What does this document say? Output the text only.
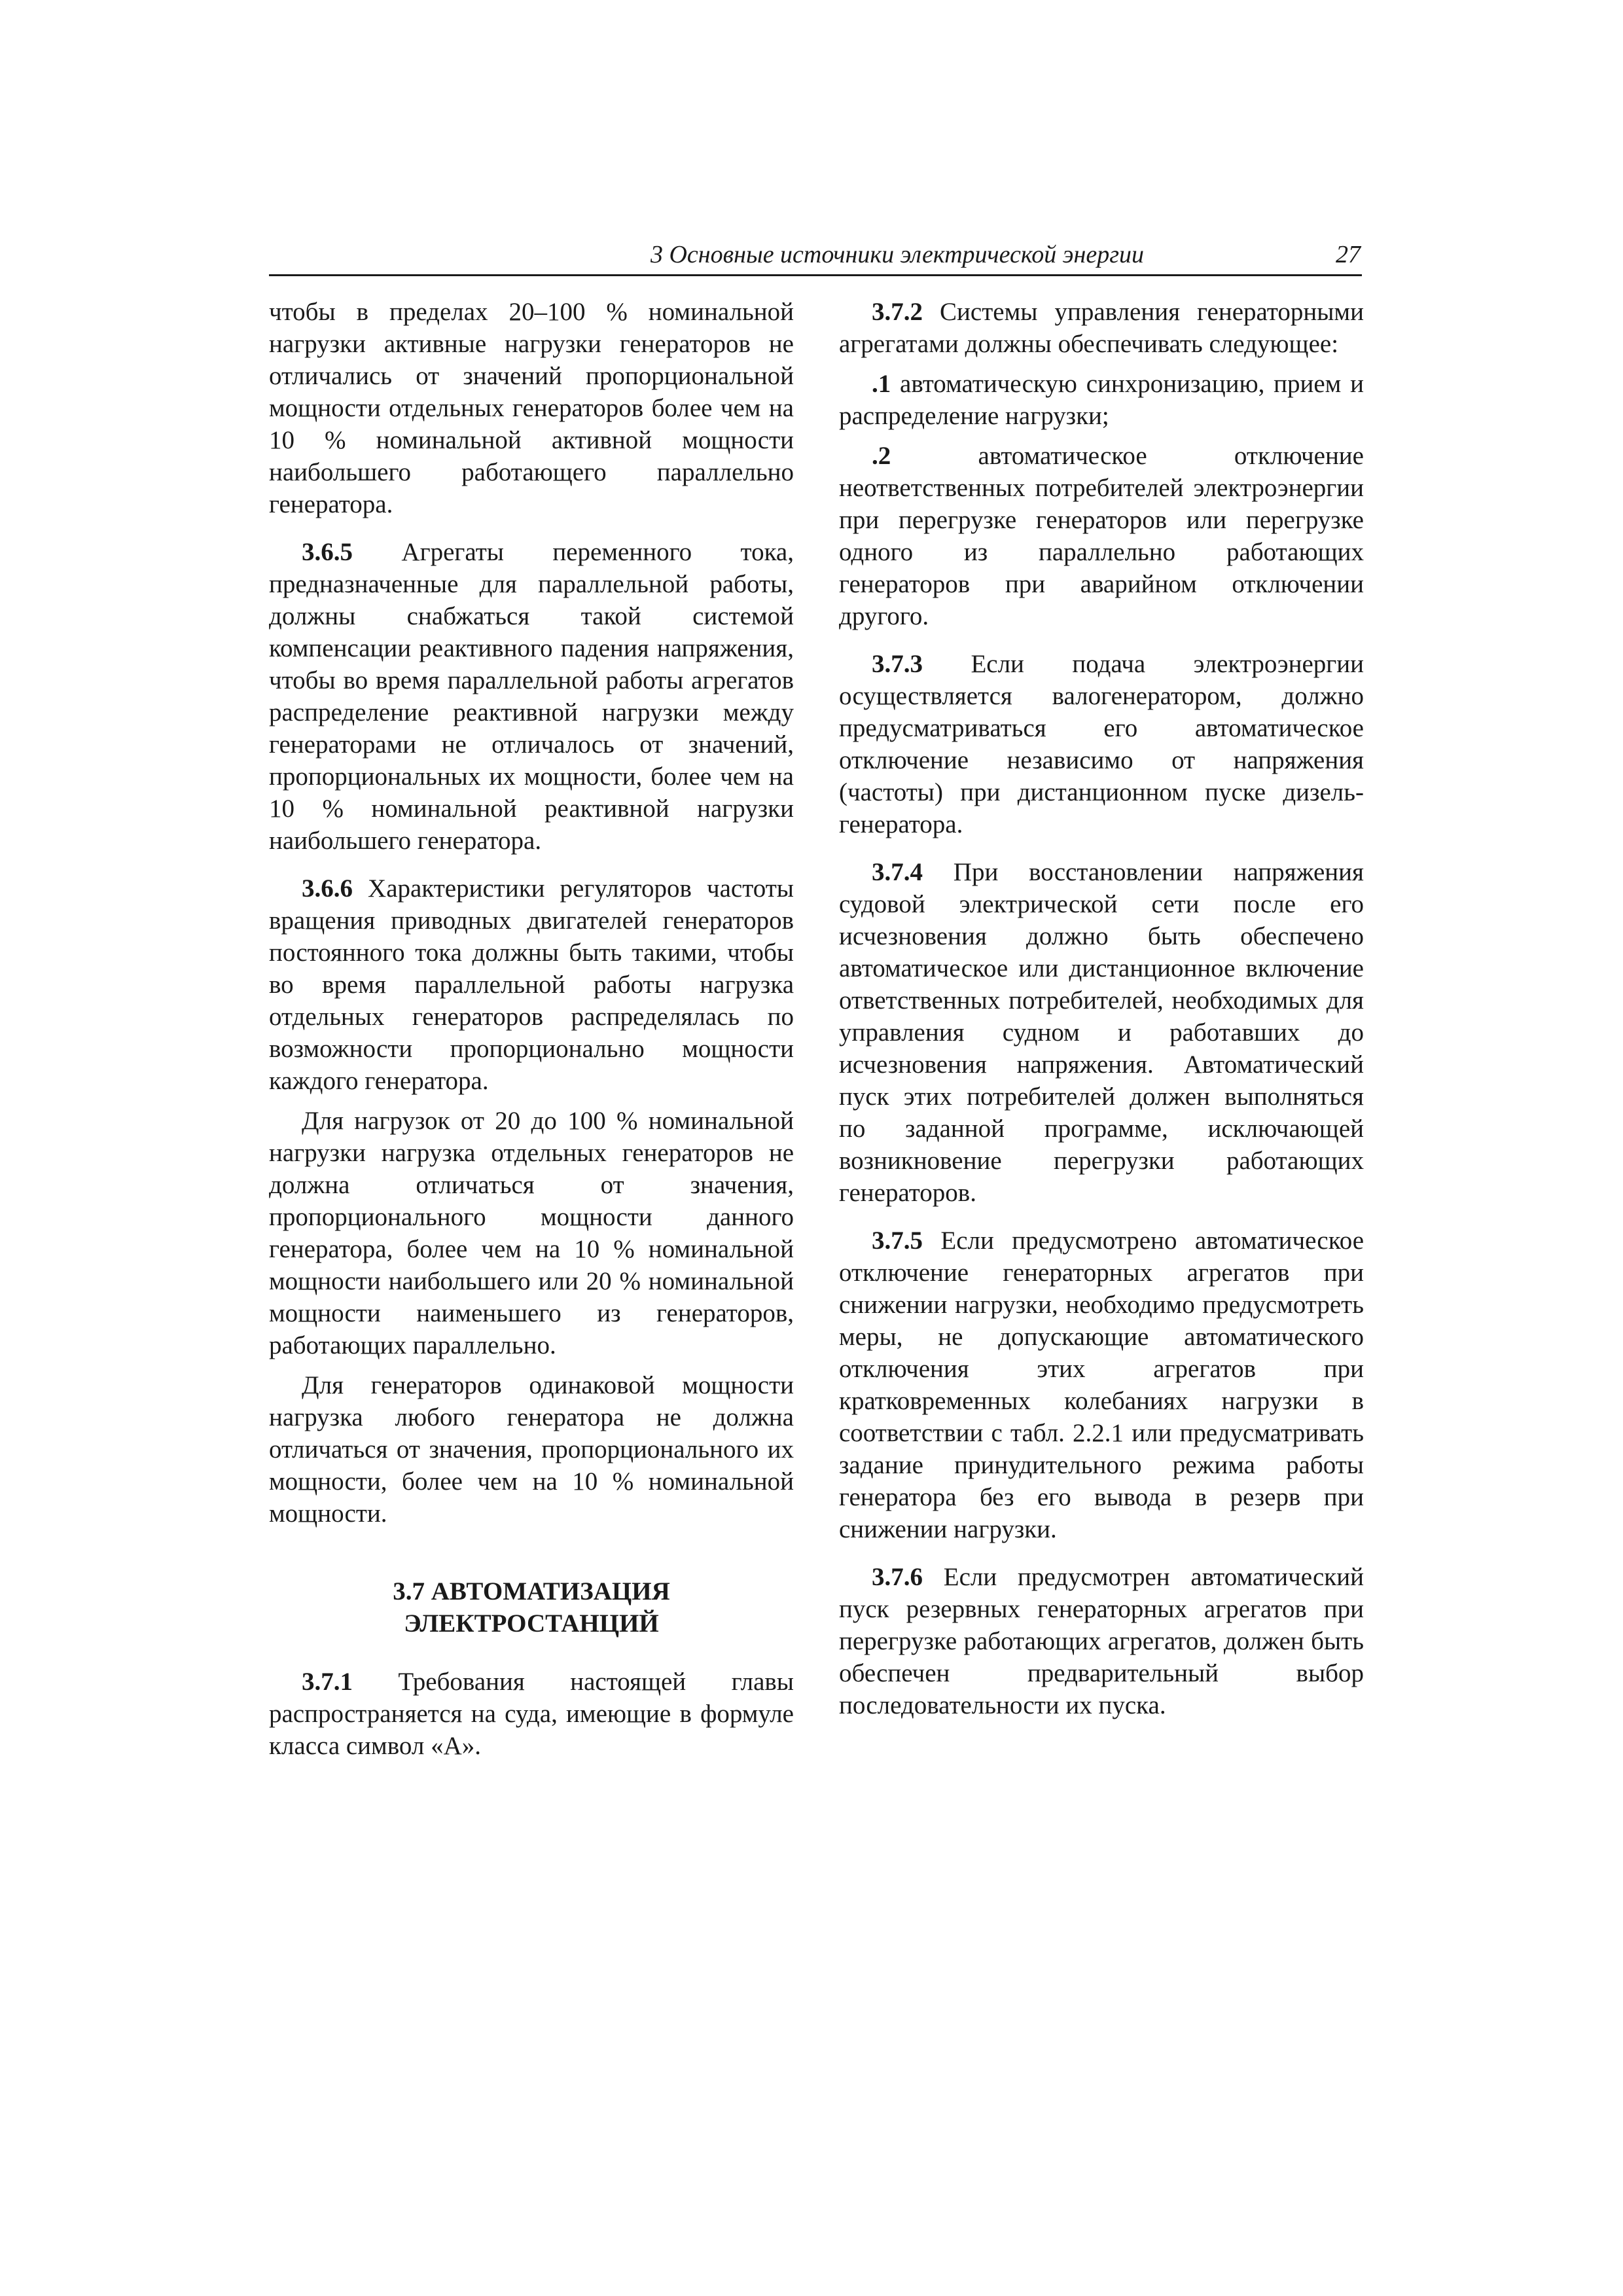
3 Основные источники электрической энергии	27

чтобы в пределах 20–100 % номинальной нагрузки активные нагрузки генераторов не отличались от значений пропорциональной мощности отдельных генераторов более чем на 10 % номинальной активной мощности наибольшего работающего параллельно генератора.

3.6.5 Агрегаты переменного тока, предназначенные для параллельной работы, должны снабжаться такой системой компенсации реактивного падения напряжения, чтобы во время параллельной работы агрегатов распределение реактивной нагрузки между генераторами не отличалось от значений, пропорциональных их мощности, более чем на 10 % номинальной реактивной нагрузки наибольшего генератора.

3.6.6 Характеристики регуляторов частоты вращения приводных двигателей генераторов постоянного тока должны быть такими, чтобы во время параллельной работы нагрузка отдельных генераторов распределялась по возможности пропорционально мощности каждого генератора.

Для нагрузок от 20 до 100 % номинальной нагрузки нагрузка отдельных генераторов не должна отличаться от значения, пропорционального мощности данного генератора, более чем на 10 % номинальной мощности наибольшего или 20 % номинальной мощности наименьшего из генераторов, работающих параллельно.

Для генераторов одинаковой мощности нагрузка любого генератора не должна отличаться от значения, пропорционального их мощности, более чем на 10 % номинальной мощности.

3.7 АВТОМАТИЗАЦИЯ
ЭЛЕКТРОСТАНЦИЙ

3.7.1 Требования настоящей главы распространяется на суда, имеющие в формуле класса символ «А».

3.7.2 Системы управления генераторными агрегатами должны обеспечивать следующее:

.1 автоматическую синхронизацию, прием и распределение нагрузки;

.2 автоматическое отключение неответственных потребителей электроэнергии при перегрузке генераторов или перегрузке одного из параллельно работающих генераторов при аварийном отключении другого.

3.7.3 Если подача электроэнергии осуществляется валогенератором, должно предусматриваться его автоматическое отключение независимо от напряжения (частоты) при дистанционном пуске дизель-генератора.

3.7.4 При восстановлении напряжения судовой электрической сети после его исчезновения должно быть обеспечено автоматическое или дистанционное включение ответственных потребителей, необходимых для управления судном и работавших до исчезновения напряжения. Автоматический пуск этих потребителей должен выполняться по заданной программе, исключающей возникновение перегрузки работающих генераторов.

3.7.5 Если предусмотрено автоматическое отключение генераторных агрегатов при снижении нагрузки, необходимо предусмотреть меры, не допускающие автоматического отключения этих агрегатов при кратковременных колебаниях нагрузки в соответствии с табл. 2.2.1 или предусматривать задание принудительного режима работы генератора без его вывода в резерв при снижении нагрузки.

3.7.6 Если предусмотрен автоматический пуск резервных генераторных агрегатов при перегрузке работающих агрегатов, должен быть обеспечен предварительный выбор последовательности их пуска.
